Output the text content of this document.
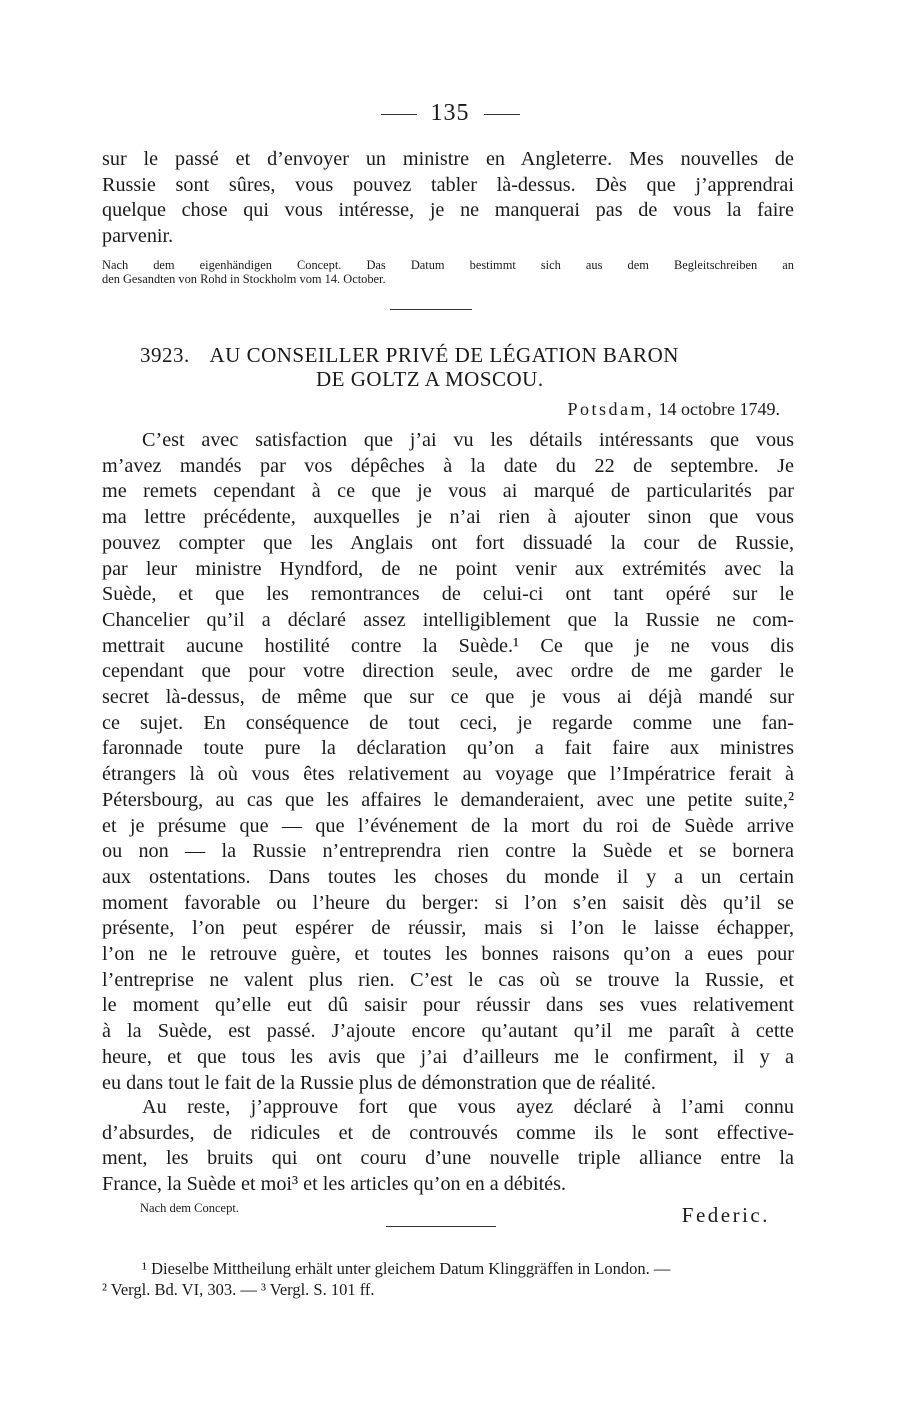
135

sur le passé et d’envoyer un ministre en Angleterre. Mes nouvelles de
Russie sont sûres, vous pouvez tabler là-dessus. Dès que j’apprendrai
quelque chose qui vous intéresse, je ne manquerai pas de vous la faire
parvenir.

Nach dem eigenhändigen Concept. Das Datum bestimmt sich aus dem Begleitschreiben an
den Gesandten von Rohd in Stockholm vom 14. October.

3923. AU CONSEILLER PRIVÉ DE LÉGATION BARON
DE GOLTZ A MOSCOU.
Potsdam, 14 octobre 1749.

C’est avec satisfaction que j’ai vu les détails intéressants que vous
m’avez mandés par vos dépêches à la date du 22 de septembre. Je
me remets cependant à ce que je vous ai marqué de particularités par
ma lettre précédente, auxquelles je n’ai rien à ajouter sinon que vous
pouvez compter que les Anglais ont fort dissuadé la cour de Russie,
par leur ministre Hyndford, de ne point venir aux extrémités avec la
Suède, et que les remontrances de celui-ci ont tant opéré sur le
Chancelier qu’il a déclaré assez intelligiblement que la Russie ne com-
mettrait aucune hostilité contre la Suède.¹ Ce que je ne vous dis
cependant que pour votre direction seule, avec ordre de me garder le
secret là-dessus, de même que sur ce que je vous ai déjà mandé sur
ce sujet. En conséquence de tout ceci, je regarde comme une fan-
faronnade toute pure la déclaration qu’on a fait faire aux ministres
étrangers là où vous êtes relativement au voyage que l’Impératrice ferait à
Pétersbourg, au cas que les affaires le demanderaient, avec une petite suite,²
et je présume que — que l’événement de la mort du roi de Suède arrive
ou non — la Russie n’entreprendra rien contre la Suède et se bornera
aux ostentations. Dans toutes les choses du monde il y a un certain
moment favorable ou l’heure du berger: si l’on s’en saisit dès qu’il se
présente, l’on peut espérer de réussir, mais si l’on le laisse échapper,
l’on ne le retrouve guère, et toutes les bonnes raisons qu’on a eues pour
l’entreprise ne valent plus rien. C’est le cas où se trouve la Russie, et
le moment qu’elle eut dû saisir pour réussir dans ses vues relativement
à la Suède, est passé. J’ajoute encore qu’autant qu’il me paraît à cette
heure, et que tous les avis que j’ai d’ailleurs me le confirment, il y a
eu dans tout le fait de la Russie plus de démonstration que de réalité.

Au reste, j’approuve fort que vous ayez déclaré à l’ami connu
d’absurdes, de ridicules et de controuvés comme ils le sont effective-
ment, les bruits qui ont couru d’une nouvelle triple alliance entre la
France, la Suède et moi³ et les articles qu’on en a débités.

Nach dem Concept.	Federic.
¹ Dieselbe Mittheilung erhält unter gleichem Datum Klinggräffen in London. —
² Vergl. Bd. VI, 303. — ³ Vergl. S. 101 ff.
